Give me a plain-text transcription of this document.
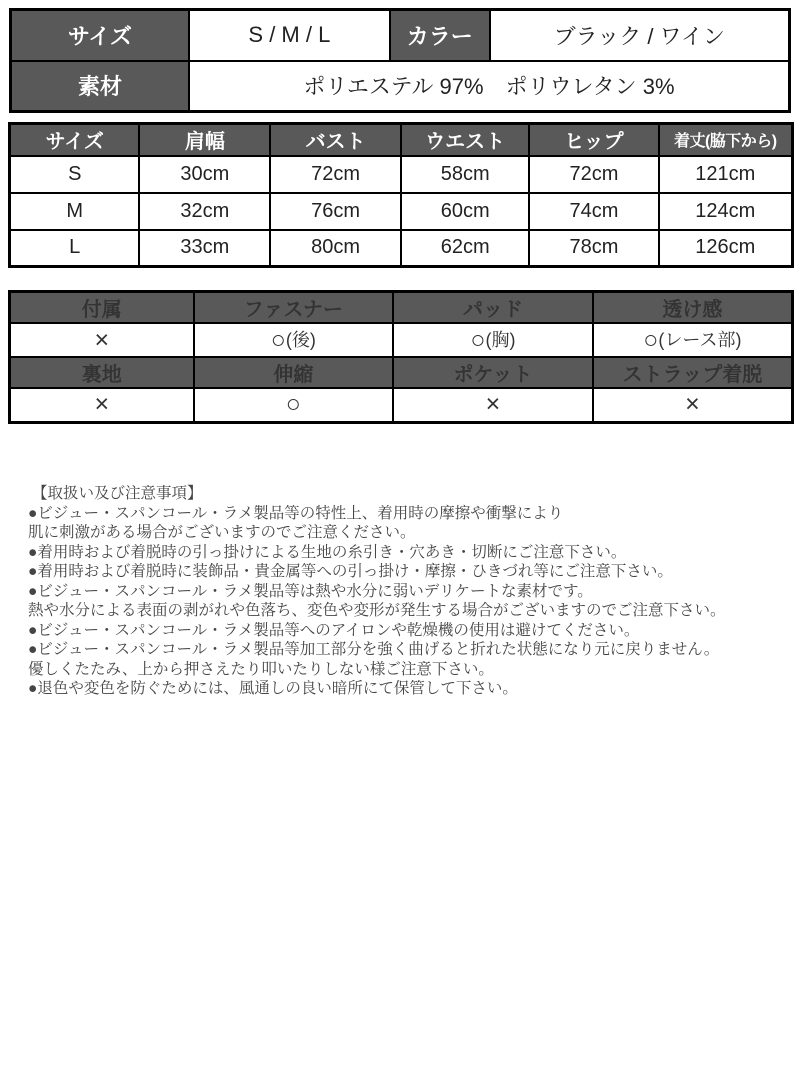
サイズ	S / M / L	カラー	ブラック / ワイン
素材	ポリエステル 97%　ポリウレタン 3%		
サイズ	肩幅	バスト	ウエスト	ヒップ	着丈(脇下から)
S	30cm	72cm	58cm	72cm	121cm
M	32cm	76cm	60cm	74cm	124cm
L	33cm	80cm	62cm	78cm	126cm
付属	ファスナー	パッド	透け感
×	○(後)	○(胸)	○(レース部)
裏地	伸縮	ポケット	ストラップ着脱
×	○	×	×
【取扱い及び注意事項】
●ビジュー・スパンコール・ラメ製品等の特性上、着用時の摩擦や衝撃により
肌に刺激がある場合がございますのでご注意ください。
●着用時および着脱時の引っ掛けによる生地の糸引き・穴あき・切断にご注意下さい。
●着用時および着脱時に装飾品・貴金属等への引っ掛け・摩擦・ひきづれ等にご注意下さい。
●ビジュー・スパンコール・ラメ製品等は熱や水分に弱いデリケートな素材です。
熱や水分による表面の剥がれや色落ち、変色や変形が発生する場合がございますのでご注意下さい。
●ビジュー・スパンコール・ラメ製品等へのアイロンや乾燥機の使用は避けてください。
●ビジュー・スパンコール・ラメ製品等加工部分を強く曲げると折れた状態になり元に戻りません。
優しくたたみ、上から押さえたり叩いたりしない様ご注意下さい。
●退色や変色を防ぐためには、風通しの良い暗所にて保管して下さい。
